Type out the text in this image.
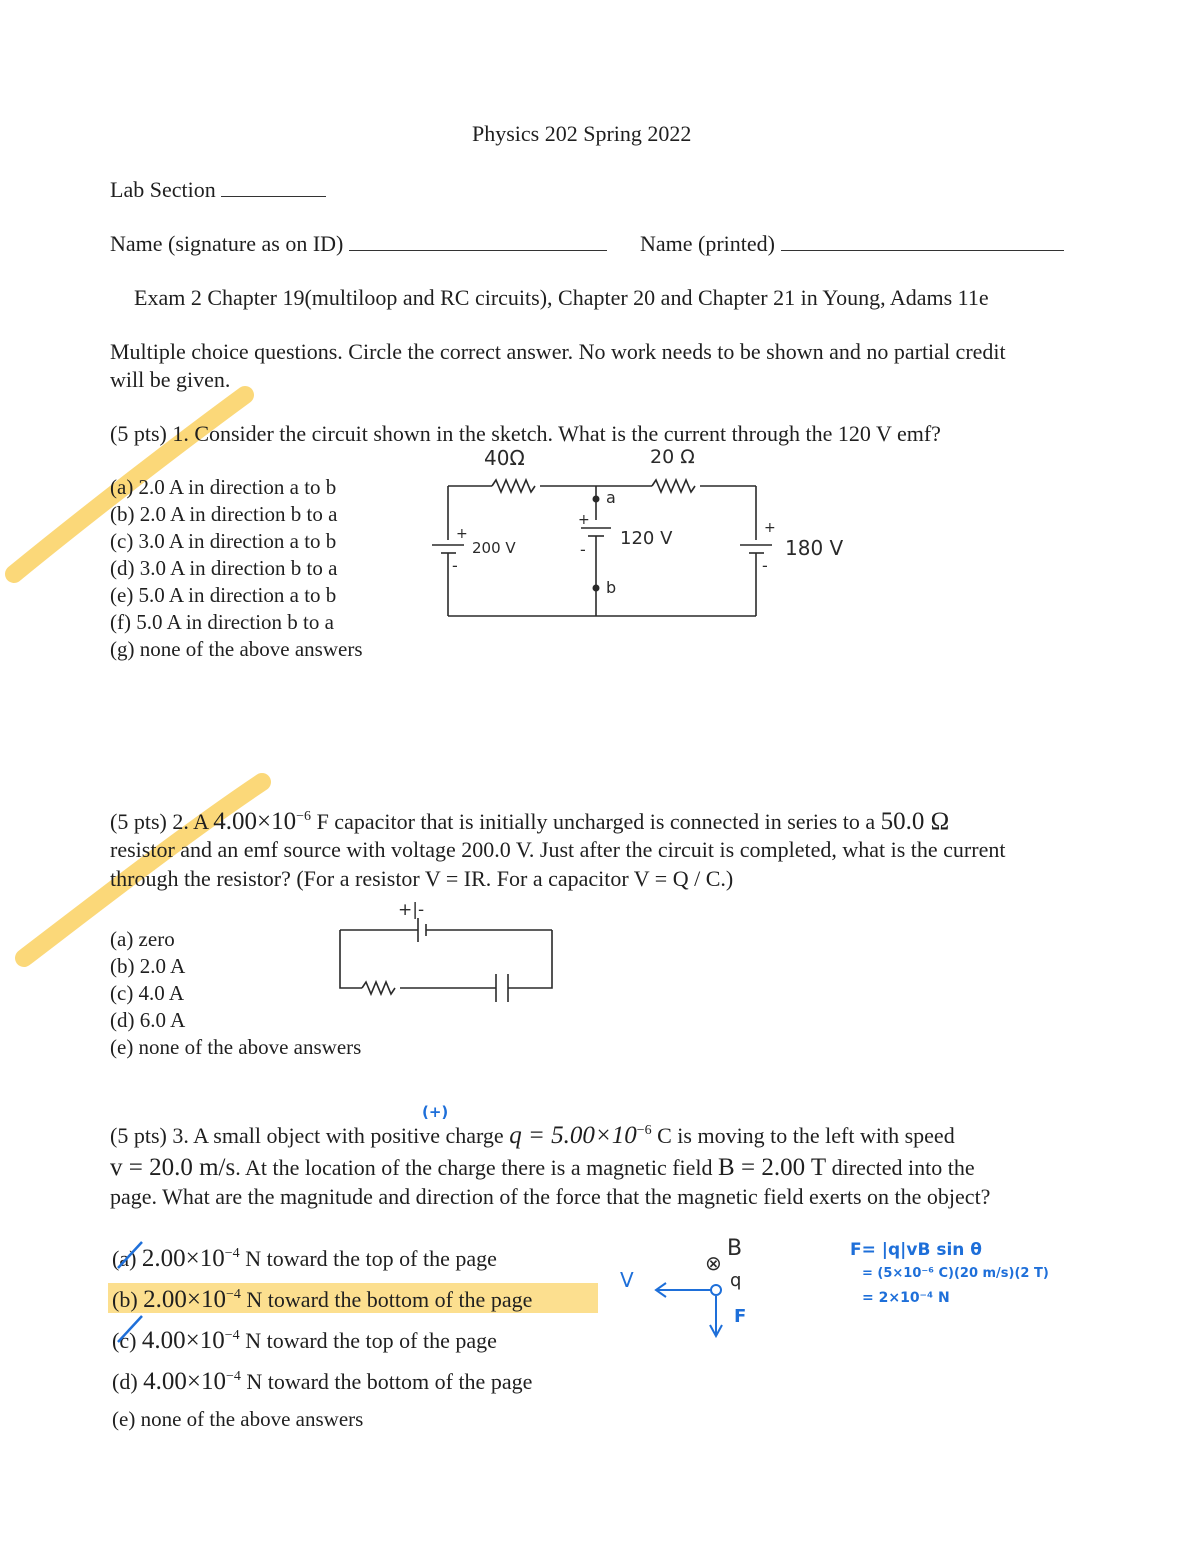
Physics 202 Spring 2022
Lab Section
Name (signature as on ID)	Name (printed)
Exam 2 Chapter 19(multiloop and RC circuits), Chapter 20 and Chapter 21 in Young, Adams 11e
Multiple choice questions. Circle the correct answer. No work needs to be shown and no partial credit
will be given.
(5 pts) 1. Consider the circuit shown in the sketch. What is the current through the 120 V emf?
(a) 2.0 A in direction a to b
(b) 2.0 A in direction b to a
(c) 3.0 A in direction a to b
(d) 3.0 A in direction b to a
(e) 5.0 A in direction a to b
(f) 5.0 A in direction b to a
(g) none of the above answers
40Ω	20 Ω
200 V	120 V	180 V
a
b
+
-
+
-
+
-
(5 pts) 2. A $4.00\times 10^{-6}$ F capacitor that is initially uncharged is connected in series to a 50.0 Ω
resistor and an emf source with voltage 200.0 V. Just after the circuit is completed, what is the current
through the resistor? (For a resistor V = IR. For a capacitor V = Q / C.)
(a) zero
(b) 2.0 A
(c) 4.0 A
(d) 6.0 A
(e) none of the above answers
+|-
(+)
(5 pts) 3. A small object with positive charge $q = 5.00\times 10^{-6}$ C is moving to the left with speed
v = 20.0 m/s. At the location of the charge there is a magnetic field B = 2.00 T directed into the
page. What are the magnitude and direction of the force that the magnetic field exerts on the object?
(a) $2.00\times 10^{-4}$ N toward the top of the page
(b) $2.00\times 10^{-4}$ N toward the bottom of the page
(c) $4.00\times 10^{-4}$ N toward the top of the page
(d) $4.00\times 10^{-4}$ N toward the bottom of the page
(e) none of the above answers
V
⊗
B
q
F
F= |q|vB sin θ
= (5×10⁻⁶ C)(20 m/s)(2 T)
= 2×10⁻⁴ N
